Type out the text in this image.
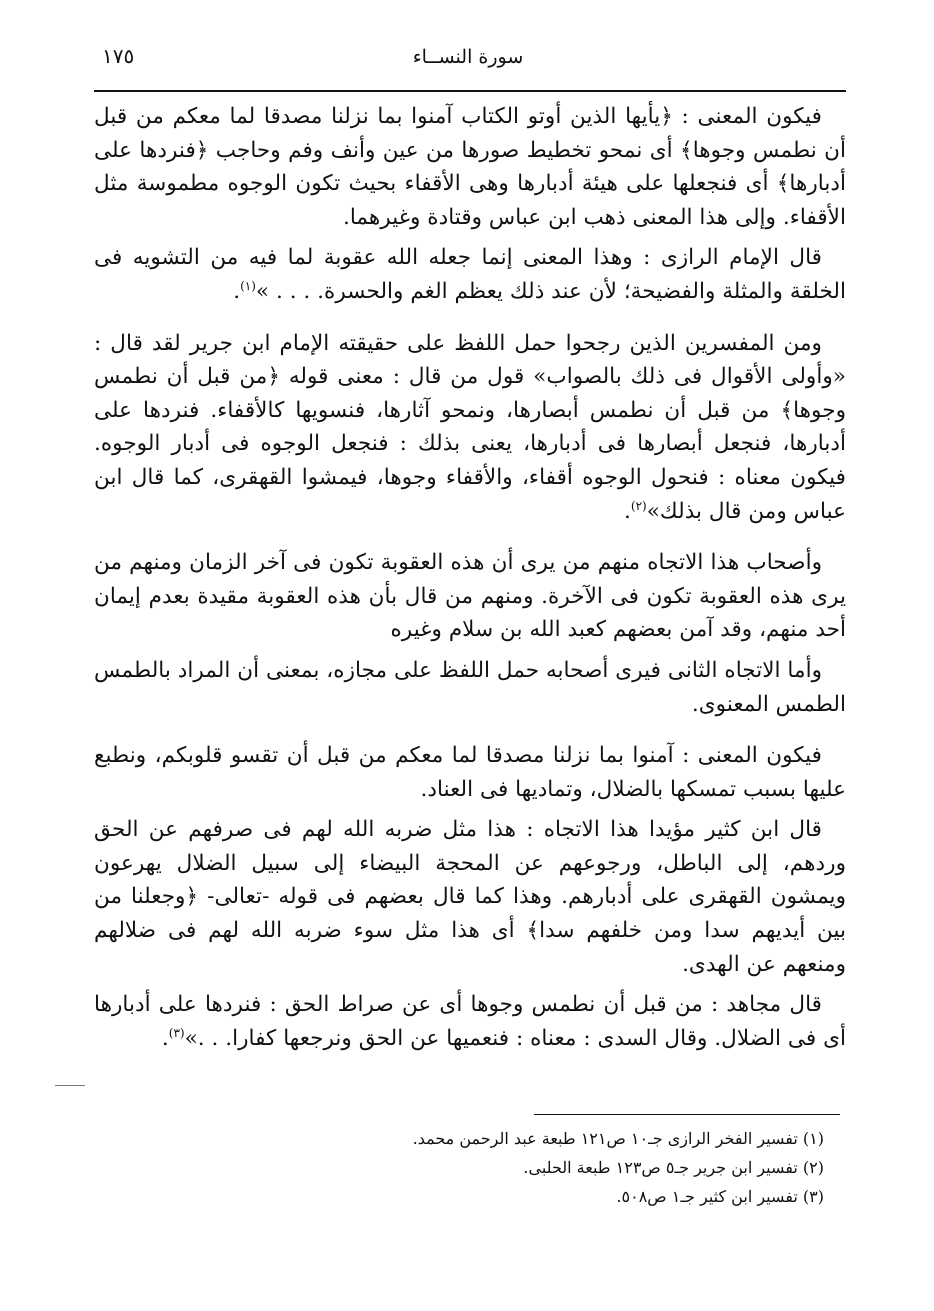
١٧٥	سورة النســاء

فيكون المعنى : ﴿يأيها الذين أوتو الكتاب آمنوا بما نزلنا مصدقا لما معكم من قبل أن نطمس وجوها﴾ أى نمحو تخطيط صورها من عين وأنف وفم وحاجب ﴿فنردها على أدبارها﴾ أى فنجعلها على هيئة أدبارها وهى الأقفاء بحيث تكون الوجوه مطموسة مثل الأقفاء. وإلى هذا المعنى ذهب ابن عباس وقتادة وغيرهما.

قال الإمام الرازى : وهذا المعنى إنما جعله الله عقوبة لما فيه من التشويه فى الخلقة والمثلة والفضيحة؛ لأن عند ذلك يعظم الغم والحسرة. . . . »$^{(١)}$.

ومن المفسرين الذين رجحوا حمل اللفظ على حقيقته الإمام ابن جرير لقد قال : «وأولى الأقوال فى ذلك بالصواب» قول من قال : معنى قوله ﴿من قبل أن نطمس وجوها﴾ من قبل أن نطمس أبصارها، ونمحو آثارها، فنسويها كالأقفاء. فنردها على أدبارها، فنجعل أبصارها فى أدبارها، يعنى بذلك : فنجعل الوجوه فى أدبار الوجوه. فيكون معناه : فنحول الوجوه أقفاء، والأقفاء وجوها، فيمشوا القهقرى، كما قال ابن عباس ومن قال بذلك»$^{(٢)}$.

وأصحاب هذا الاتجاه منهم من يرى أن هذه العقوبة تكون فى آخر الزمان ومنهم من يرى هذه العقوبة تكون فى الآخرة. ومنهم من قال بأن هذه العقوبة مقيدة بعدم إيمان أحد منهم، وقد آمن بعضهم كعبد الله بن سلام وغيره

وأما الاتجاه الثانى فيرى أصحابه حمل اللفظ على مجازه، بمعنى أن المراد بالطمس الطمس المعنوى.

فيكون المعنى : آمنوا بما نزلنا مصدقا لما معكم من قبل أن تقسو قلوبكم، ونطبع عليها بسبب تمسكها بالضلال، وتماديها فى العناد.

قال ابن كثير مؤيدا هذا الاتجاه : هذا مثل ضربه الله لهم فى صرفهم عن الحق وردهم، إلى الباطل، ورجوعهم عن المحجة البيضاء إلى سبيل الضلال يهرعون ويمشون القهقرى على أدبارهم. وهذا كما قال بعضهم فى قوله -تعالى- ﴿وجعلنا من بين أيديهم سدا ومن خلفهم سدا﴾ أى هذا مثل سوء ضربه الله لهم فى ضلالهم ومنعهم عن الهدى.

قال مجاهد : من قبل أن نطمس وجوها أى عن صراط الحق : فنردها على أدبارها أى فى الضلال. وقال السدى : معناه : فنعميها عن الحق ونرجعها كفارا. . .»$^{(٣)}$.

(١) تفسير الفخر الرازى جـ١٠ ص١٢١ طبعة عبد الرحمن محمد.
(٢) تفسير ابن جرير جـ٥ ص١٢٣ طبعة الحلبى.
(٣) تفسير ابن كثير جـ١ ص٥٠٨.
